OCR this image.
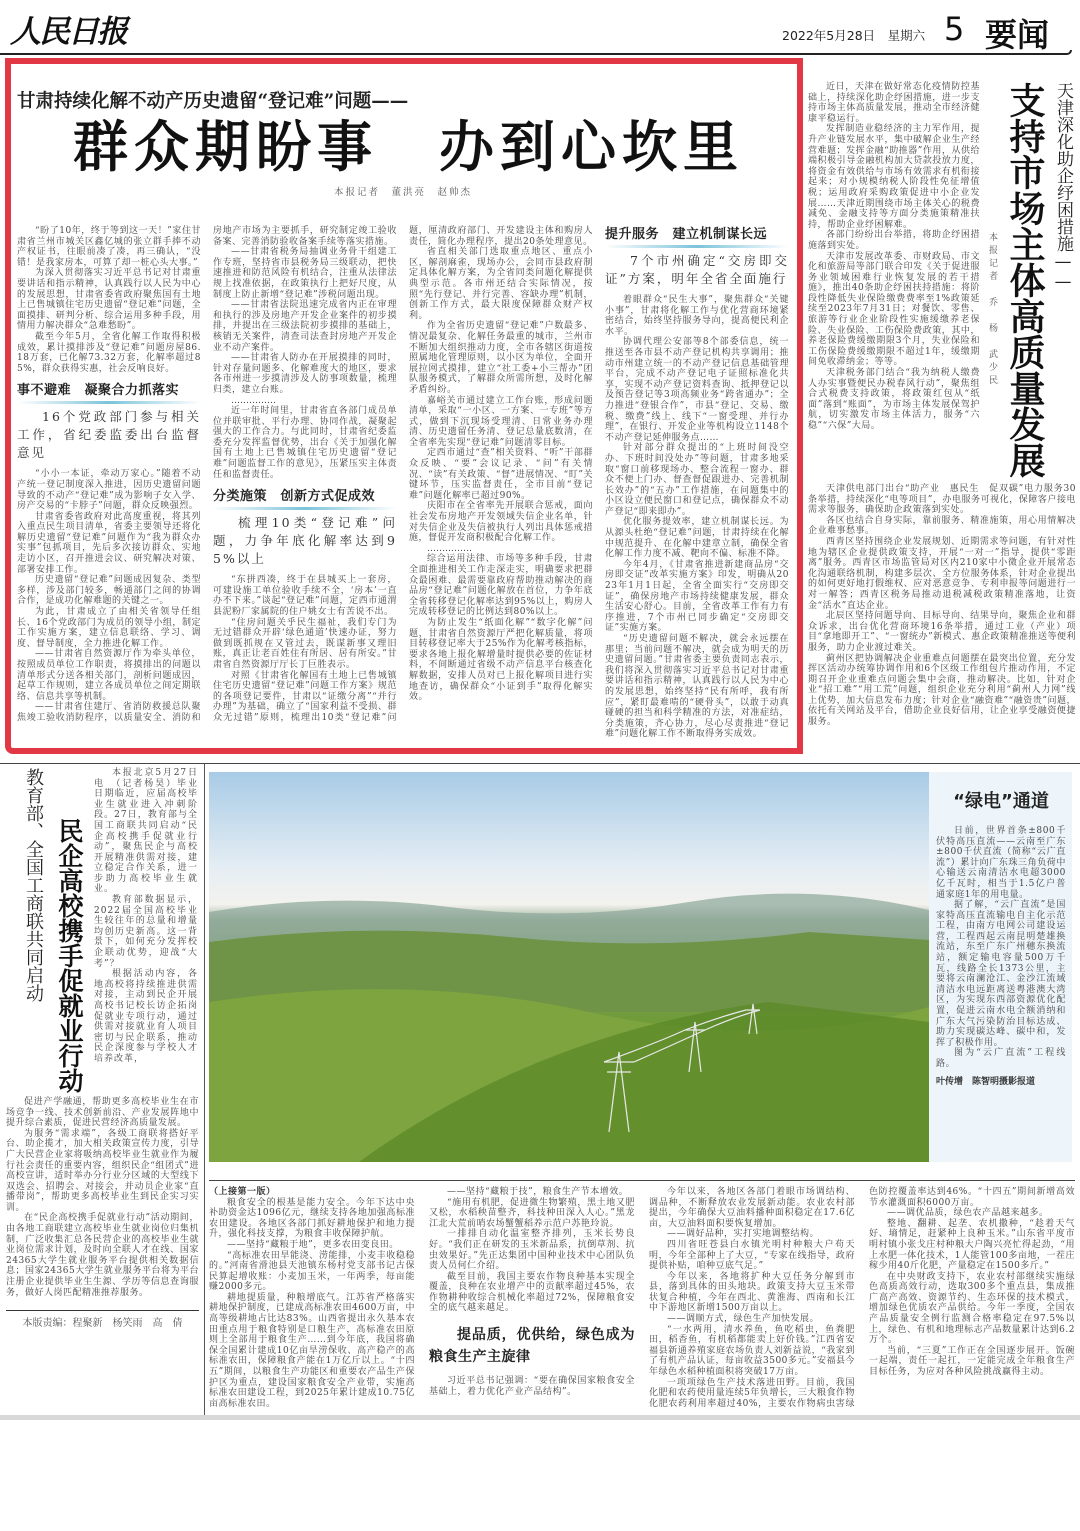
人民日报	2022年5月28日　星期六 5 要闻
甘肃持续化解不动产历史遗留“登记难”问题——
群众期盼事　办到心坎里
本报记者　董洪亮　赵帅杰

“盼了10年，终于等到这一天！”家住甘肃省兰州市城关区鑫亿城的张立群手捧不动产权证书，往眼前凑了凑，再三确认，“没错！是我家房本，可算了却一桩心头大事。”

为深入贯彻落实习近平总书记对甘肃重要讲话和指示精神，认真践行以人民为中心的发展思想，甘肃省委省政府聚焦国有土地上已售城镇住宅历史遗留“登记难”问题，全面摸排、研判分析、综合运用多种手段，用情用力解决群众“急难愁盼”。

截至今年5月，全省化解工作取得积极成效，累计摸排涉及“登记难”问题房屋86.18万套，已化解73.32万套，化解率超过85%，群众获得实惠，社会反响良好。

事不避难　凝聚合力抓落实
16个党政部门参与相关工作，省纪委监委出台监督意见

“小小一本证，牵动万家心。”随着不动产统一登记制度深入推进，因历史遗留问题导致的不动产“登记难”成为影响子女入学、房产交易的“卡脖子”问题，群众反映强烈。

甘肃省委省政府对此高度重视，将其列入重点民生项目清单，省委主要领导还将化解历史遗留“登记难”问题作为“我为群众办实事”包抓项目，先后多次接访群众、实地走访小区，召开推进会议、研究解决对策、部署安排工作。

历史遗留“登记难”问题成因复杂、类型多样，涉及部门较多，畅通部门之间的协调合作，是成功化解难题的关键之一。

为此，甘肃成立了由相关省领导任组长、16个党政部门为成员的领导小组，制定工作实施方案，建立信息联络、学习、调度、督导制度，全力推进化解工作。

——甘肃省自然资源厅作为牵头单位，按照成员单位工作职责，将摸排出的问题以清单形式分送各相关部门，剖析问题成因，起草工作规则，建立各成员单位之间定期联络、信息共享等机制。

——甘肃省住建厅、省消防救援总队聚焦竣工验收消防程序，以质量安全、消防和房地产市场为主要抓手，研究制定竣工验收备案、完善消防验收备案手续等落实措施。

——甘肃省税务局抽调业务骨干组建工作专班，坚持省市县税务局三级联动，把快速推进和防范风险有机结合，注重从法律法规上找准依据，在政策执行上把好尺度，从制度上防止新增“登记难”涉税问题出现。

——甘肃省法院迅速完成省内正在审理和执行的涉及房地产开发企业案件的初步摸排，并提出在三级法院初步摸排的基础上，核销无关案件，清查司法查封房地产开发企业不动产案件。

——甘肃省人防办在开展摸排的同时，针对存量问题多、化解难度大的地区，要求各市州进一步摸清涉及人防事项数量，梳理归类，建立台账。

……………

近一年时间里，甘肃省直各部门成员单位并联审批、平行办理、协同作战，凝聚起强大的工作合力。与此同时，甘肃省纪委监委充分发挥监督优势，出台《关于加强化解国有土地上已售城镇住宅历史遗留“登记难”问题监督工作的意见》，压紧压实主体责任和监督责任。

分类施策　创新方式促成效
梳理10类“登记难”问题，力争年底化解率达到95%以上

“东拼西凑，终于在县城买上一套房，可建设施工单位验收手续不全，‘房本’一直办不下来。”谈起“登记难”问题，定西市通渭县泥粉厂家属院的住户姚女士有苦说不出。

“住房问题关乎民生福祉，我们专门为无过错群众开辟‘绿色通道’快速办证，努力做到既抓规在又管过去，既谋新事又理旧账，真正让老百姓住有所居、居有所安。”甘肃省自然资源厅厅长丁巨胜表示。

对照《甘肃省化解国有土地上已售城镇住宅历史遗留“登记难”问题工作方案》规范的各项登记要件，甘肃以“证缴分离”“并行办理”为基础，确立了“国家利益不受损、群众无过错”原则，梳理出10类“登记难”问题，厘清政府部门、开发建设主体和购房人责任，简化办理程序，提出20条处理意见。

省直相关部门选取重点地区、重点小区，解剖麻雀，现场办公，会同市县政府制定具体化解方案，为全省同类问题化解提供典型示范。各市州还结合实际情况，按照“先行登记、并行完善、容缺办理”机制，创新工作方式，最大限度保障群众财产权利。

作为全省历史遗留“登记难”户数最多、情况最复杂、化解任务最重的城市，兰州市不断加大组织推动力度，全市各辖区街道按照属地化管理原则，以小区为单位，全面开展拉网式摸排，建立“社工委+小三帮办”团队服务模式，了解群众所需所想，及时化解矛盾纠纷。

嘉峪关市通过建立工作台账，形成问题清单，采取“一小区、一方案、一专班”等方式，做到下沉现场受理清、日常业务办理清、历史遗留任务清、登记总量底数清，在全省率先实现“登记难”问题清零目标。

定西市通过“查”相关资料、“听”干部群众反映、“要”会议记录、“问”有关情况、“读”有关政策、“督”进展情况、“盯”关键环节，压实监督责任，全市目前“登记难”问题化解率已超过90%。

庆阳市在全省率先开展联合惩戒，面向社会发布房地产开发领域失信企业名单，针对失信企业及失信被执行人列出具体惩戒措施，督促开发商积极配合化解工作。

……………

综合运用法律、市场等多种手段，甘肃全面推进相关工作走深走实，明确要求把群众最困难、最需要靠政府帮助推动解决的商品房“登记难”问题化解放在首位，力争年底全省转移登记化解率达到95%以上，购房人完成转移登记的比例达到80%以上。

为防止发生“纸面化解”“数字化解”问题，甘肃省自然资源厅严把化解质量，将项目转移登记率大于25%作为化解考核指标，要求各地上报化解增量时提供必要的佐证材料，不间断通过省级不动产信息平台核查化解数据，安排人员对已上报化解项目进行实地查访，确保群众“小证到手”取得化解实效。

提升服务　建立机制谋长远
7个市州确定“交房即交证”方案，明年全省全面施行

着眼群众“民生大事”，聚焦群众“关键小事”，甘肃将化解工作与优化营商环境紧密结合，始终坚持服务导向，提高便民利企水平。

协调代理公安部等8个部委信息，统一推送至各市县不动产登记机构共享调用；推动市州建立统一的不动产登记信息基础管理平台，完成不动产登记电子证照标准化共享，实现不动产登记资料查询、抵押登记以及预告登记等3项高频业务“跨省通办”；全力推进“登银合作”，市县“登记、交易、缴税、缴费”线上、线下“一窗受理、并行办理”，在银行、开发企业等机构设立1148个不动产登记延伸服务点……

针对部分群众提出的“上班时间没空办、下班时间没处办”等问题，甘肃多地采取“窗口前移现场办、整合流程一窗办、群众不便上门办、督查督促跟进办、完善机制长效办”的“五办”工作措施，在问题集中的小区设立便民窗口和登记点，确保群众不动产登记“即来即办”。

优化服务提效率，建立机制谋长远。为从源头杜绝“登记难”问题，甘肃持续在化解中规范提升、在化解中建章立制，确保全省化解工作力度不减、靶向不偏、标准不降。

今年4月，《甘肃省推进新建商品房“交房即交证”改革实施方案》印发，明确从2023年1月1日起，全省全面实行“交房即交证”，确保房地产市场持续健康发展，群众生活安心舒心。目前，全省改革工作有力有序推进，7个市州已同步确定“交房即交证”实施方案。

“历史遗留问题不解决，就会永远摆在那里；当前问题不解决，就会成为明天的历史遗留问题。”甘肃省委主要负责同志表示，我们将深入贯彻落实习近平总书记对甘肃重要讲话和指示精神，认真践行以人民为中心的发展思想，始终坚持“民有所呼，我有所应”，紧盯最难啃的“硬骨头”，以敢于动真碰硬的担当和科学精准的方法，对准症结，分类施策，齐心协力，尽心尽责推进“登记难”问题化解工作不断取得务实成效。

近日，天津在做好常态化疫情防控基础上，持续深化助企纾困措施，进一步支持市场主体高质量发展，推动全市经济健康平稳运行。

发挥制造业稳经济的主力军作用，提升产业链发展水平，集中破解企业生产经营难题；发挥金融“助推器”作用，从供给端积极引导金融机构加大贷款投放力度，将资金有效供给与市场有效需求有机衔接起来；对小规模纳税人阶段性免征增值税；运用政府采购政策促进中小企业发展……天津近期围绕市场主体关心的税费减免、金融支持等方面分类施策精准扶持，帮助企业纾困解难。

各部门纷纷出台举措，将助企纾困措施落到实处。

天津市发展改革委、市财政局、市文化和旅游局等部门联合印发《关于促进服务业领域困难行业恢复发展的若干措施》，推出40条助企纾困扶持措施：将阶段性降低失业保险缴费费率至1%政策延续至2023年7月31日；对餐饮、零售、旅游等行业企业阶段性实施缓缴养老保险、失业保险、工伤保险费政策，其中，养老保险费缓缴期限3个月，失业保险和工伤保险费缓缴期限不超过1年，缓缴期间免收滞纳金；等等。

天津税务部门结合“我为纳税人缴费人办实事暨便民办税春风行动”，聚焦组合式税费支持政策，将政策红包从“纸面”落到“账面”，为市场主体发展保驾护航，切实激发市场主体活力，服务“六稳”“六保”大局。

本报记者　乔　杨　武少民 支持市场主体高质量发展 天津深化助企纾困措施——

天津供电部门出台“助产业　惠民生　促双碳”电力服务30条举措，持续深化“电等项目”，办电服务可视化，保障客户接电需求等服务，确保助企政策落到实处。

各区也结合自身实际，靠前服务、精准施策，用心用情解决企业难事愁事。

西青区坚持围绕企业发展规划、近期需求等问题，有针对性地为辖区企业提供政策支持，开展“一对一”指导，提供“零距离”服务。西青区市场监管局对区内210家中小微企业开展常态化沟通联络机制，构建多层次、全方位服务体系，针对企业提出的如何更好地打假维权、应对恶意竞争、专利申报等问题进行一对一解答；西青区税务局推动退税减税政策精准落地，让资金“活水”直达企业。

北辰区坚持问题导向、目标导向、结果导向，聚焦企业和群众诉求，出台优化营商环境16条举措，通过工业（产业）项目“拿地即开工”、“一窗统办”新模式、惠企政策精准推送等便利服务，助力企业渡过难关。

蓟州区把协调解决企业重难点问题摆在最突出位置，充分发挥区活动办统筹协调作用和6个区级工作组包片推动作用，不定期召开企业重难点问题会集中会商，推动解决。比如，针对企业“招工难”“用工荒”问题，组织企业充分利用“蓟州人力网”线上优势，加大信息发布力度；针对企业“融资难”“融资贵”问题，依托有关网站及平台，借助企业良好信用，让企业享受融资便捷服务。

教育部、全国工商联共同启动 民企高校携手促就业行动

本报北京5月27日电　（记者杨昊）毕业日期临近，应届高校毕业生就业进入冲刺阶段。27日，教育部与全国工商联共同启动“民企高校携手促就业行动”，聚焦民企与高校开展精准供需对接，建立稳定合作关系，进一步助力高校毕业生就业。

教育部数据显示，2022届全国高校毕业生较往年的总量和增量均创历史新高。这一背景下，如何充分发挥校企联动优势，迎战“大考”？

根据活动内容，各地高校将持续推进供需对接，主动到民企开展高校书记校长访企拓岗促就业专项行动，通过供需对接就业育人项目密切与民企联系，推动民企深度参与学校人才培养改革，

促进产学融通，帮助更多高校毕业生在市场竞争一线、技术创新前沿、产业发展阵地中提升综合素质，促进民营经济高质量发展。

为服务“需求端”，各级工商联将搭好平台、助企揽才，加大相关政策宣传力度，引导广大民营企业家将吸纳高校毕业生就业作为履行社会责任的重要内容，组织民企“组团式”进高校宣讲，适时举办分行业分区域的大型线下双选会、招聘会、对接会，并动员企业家“直播带岗”，帮助更多高校毕业生到民企实习实训。

在“民企高校携手促就业行动”活动期间，由各地工商联建立高校毕业生就业岗位归集机制，广泛收集汇总各民营企业的高校毕业生就业岗位需求计划，及时向全联人才在线、国家24365大学生就业服务平台提供相关数据信息；国家24365大学生就业服务平台将为平台注册企业提供毕业生生源、学历等信息查询服务，做好人岗匹配精准推荐服务。

本版责编：程聚新　杨笑雨　高　倩
“绿电”通道

日前，世界首条±800千伏特高压直流——云南至广东±800千伏直流（简称“云广直流”）累计向广东珠三角负荷中心输送云南清洁水电超3000亿千瓦时，相当于1.5亿户普通家庭1年的用电量。

据了解，“云广直流”是国家特高压直流输电自主化示范工程，由南方电网公司建设运营，工程西起云南昆明楚雄换流站，东至广东广州穗东换流站，额定输电容量500万千瓦，线路全长1373公里，主要将云南澜沧江、金沙江流域清洁水电远距离送粤港澳大湾区，为实现东西部资源优化配置，促进云南水电全额消纳和广东大气污染防治目标达成、助力实现碳达峰、碳中和，发挥了积极作用。

图为“云广直流”工程线路。

叶传增　陈智明摄影报道
（上接第一版）

粮食安全的根基是能力安全。今年下达中央补助资金达1096亿元，继续支持各地加强高标准农田建设。各地区各部门抓好耕地保护和地力提升，强化科技支撑，为粮食丰收保障护航。

——坚持“藏粮于地”，更多农田变良田。

“高标准农田旱能浇、涝能排，小麦丰收稳稳的。”河南省滑池县天池镇东杨村党支部书记古保民算起增收账：小麦加玉米，一年两季，每亩能赚2000多元。

耕地提质量，种粮增底气。江苏省严格落实耕地保护制度，已建成高标准农田4600万亩，中高等级耕地占比达83%。山西省提出永久基本农田重点用于粮食特别是口粮生产，高标准农田原则上全部用于粮食生产……到今年底，我国将确保全国累计建成10亿亩旱涝保收、高产稳产的高标准农田，保障粮食产能在1万亿斤以上。“十四五”期间，以粮食生产功能区和重要农产品生产保护区为重点，建设国家粮食安全产业带，实施高标准农田建设工程，到2025年累计建成10.75亿亩高标准农田。

——坚持“藏粮于技”，粮食生产节本增效。

“施用有机肥，促进微生物繁殖，黑土地又肥又松，水稻秧苗整齐，科技种田深入人心。”黑龙江北大荒前哨农场蟹蟹稻养示范户苏艳玲说。

一排排自动化温室整齐排列，玉米长势良好。“我们正在研发的玉米新品系，抗倒草剂、抗虫效果好。”先正达集团中国种业技术中心团队负责人员何仁介绍。

截至目前，我国主要农作物良种基本实现全覆盖，良种在农业增产中的贡献率超过45%，农作物耕种收综合机械化率超过72%，保障粮食安全的底气越来越足。

提品质，优供给，绿色成为粮食生产主旋律

习近平总书记强调：“要在确保国家粮食安全基础上，着力优化产业产品结构”。

今年以来，各地区各部门着眼市场调结构、调品种，不断释放农业发展新动能。农业农村部提出，今年确保大豆油料播种面积稳定在17.6亿亩，大豆油料面积要恢复增加。

——调好品种，实打实地调整结构。

四川省旺苍县白水镇光明村种粮大户苟天明，今年全部种上了大豆，“专家在线指导，政府提供补贴，咱种豆底气足。”

今年以来，各地将扩种大豆任务分解到市县，落到具体的田头地块。政策支持大豆玉米带状复合种植，今年在西北、黄淮海、西南和长江中下游地区新增1500万亩以上。

——调顺方式，绿色生产加快发展。

“一水两用，清水养鱼，鱼吃稻虫，鱼粪肥田，稻香鱼，有机稻都能卖上好价钱。”江西省安福县新通养殖家庭农场负责人刘新益说，“我家到了有机产品认证，每亩收益3500多元。”安福县今年绿色水稻种植面积将突破17万亩。

一项项绿色生产技术落进田野。目前，我国化肥和农药使用量连续5年负增长，三大粮食作物化肥农药利用率超过40%，主要农作物病虫害绿色防控覆盖率达到46%。“十四五”期间新增高效节水灌溉面积6000万亩。

——调优品质，绿色农产品越来越多。

整地、翻耕、起垄、农机撒种，“趁着天气好、墒情足，赶紧种上良种玉米。”山东省平度市明村镇小张戈庄村种粮大户陶兴亮忙得起劲，“用上水肥一体化技术，1人能管100多亩地，一茬庄稼少用40斤化肥，产量稳定在1500多斤。”

在中央财政支持下，农业农村部继续实施绿色高质高效行动，选取300多个重点县，集成推广高产高效、资源节约、生态环保的技术模式，增加绿色优质农产品供给。今年一季度，全国农产品质量安全例行监测合格率稳定在97.5%以上，绿色、有机和地理标志产品数量累计达到6.2万个。

当前，“三夏”工作正在全国逐步展开。饭碗一起端，责任一起扛，一定能完成全年粮食生产目标任务，为应对各种风险挑战赢得主动。
